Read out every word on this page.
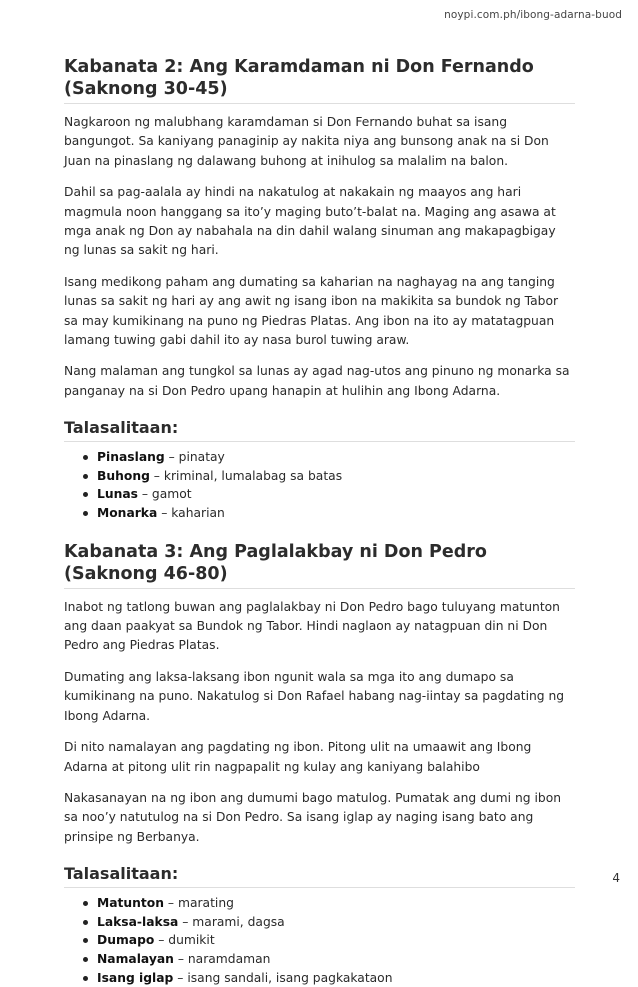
noypi.com.ph/ibong-adarna-buod
Kabanata 2: Ang Karamdaman ni Don Fernando (Saknong 30-45)

Nagkaroon ng malubhang karamdaman si Don Fernando buhat sa isang bangungot. Sa kaniyang panaginip ay nakita niya ang bunsong anak na si Don Juan na pinaslang ng dalawang buhong at inihulog sa malalim na balon.

Dahil sa pag-aalala ay hindi na nakatulog at nakakain ng maayos ang hari magmula noon hanggang sa ito’y maging buto’t-balat na. Maging ang asawa at mga anak ng Don ay nabahala na din dahil walang sinuman ang makapagbigay ng lunas sa sakit ng hari.

Isang medikong paham ang dumating sa kaharian na naghayag na ang tanging lunas sa sakit ng hari ay ang awit ng isang ibon na makikita sa bundok ng Tabor sa may kumikinang na puno ng Piedras Platas. Ang ibon na ito ay matatagpuan lamang tuwing gabi dahil ito ay nasa burol tuwing araw.

Nang malaman ang tungkol sa lunas ay agad nag-utos ang pinuno ng monarka sa panganay na si Don Pedro upang hanapin at hulihin ang Ibong Adarna.

Talasalitaan:
Pinaslang – pinatay
Buhong – kriminal, lumalabag sa batas
Lunas – gamot
Monarka – kaharian
Kabanata 3: Ang Paglalakbay ni Don Pedro (Saknong 46-80)

Inabot ng tatlong buwan ang paglalakbay ni Don Pedro bago tuluyang matunton ang daan paakyat sa Bundok ng Tabor. Hindi naglaon ay natagpuan din ni Don Pedro ang Piedras Platas.

Dumating ang laksa-laksang ibon ngunit wala sa mga ito ang dumapo sa kumikinang na puno. Nakatulog si Don Rafael habang nag-iintay sa pagdating ng Ibong Adarna.

Di nito namalayan ang pagdating ng ibon. Pitong ulit na umaawit ang Ibong Adarna at pitong ulit rin nagpapalit ng kulay ang kaniyang balahibo

Nakasanayan na ng ibon ang dumumi bago matulog. Pumatak ang dumi ng ibon sa noo’y natutulog na si Don Pedro. Sa isang iglap ay naging isang bato ang prinsipe ng Berbanya.

Talasalitaan:
Matunton – marating
Laksa-laksa – marami, dagsa
Dumapo – dumikit
Namalayan – naramdaman
Isang iglap – isang sandali, isang pagkakataon
4
